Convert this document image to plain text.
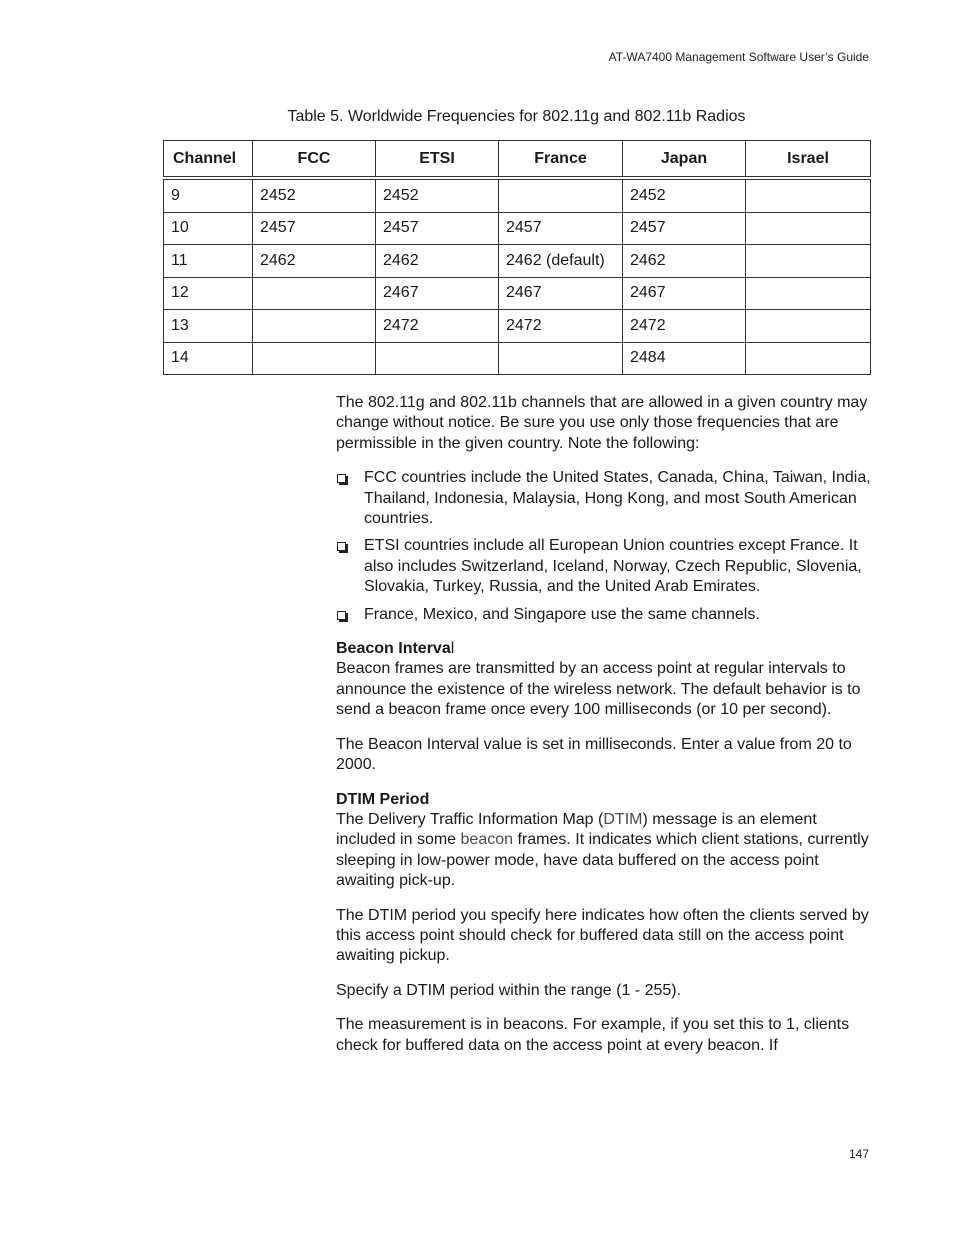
AT-WA7400 Management Software User’s Guide
Table 5. Worldwide Frequencies for 802.11g and 802.11b Radios
Channel	FCC	ETSI	France	Japan	Israel
9	2452	2452		2452	
10	2457	2457	2457	2457	
11	2462	2462	2462 (default)	2462	
12		2467	2467	2467	
13		2472	2472	2472	
14				2484	

The 802.11g and 802.11b channels that are allowed in a given country may change without notice. Be sure you use only those frequencies that are permissible in the given country. Note the following:

FCC countries include the United States, Canada, China, Taiwan, India, Thailand, Indonesia, Malaysia, Hong Kong, and most South American countries.
ETSI countries include all European Union countries except France. It also includes Switzerland, Iceland, Norway, Czech Republic, Slovenia, Slovakia, Turkey, Russia, and the United Arab Emirates.
France, Mexico, and Singapore use the same channels.

Beacon Interval
Beacon frames are transmitted by an access point at regular intervals to announce the existence of the wireless network. The default behavior is to send a beacon frame once every 100 milliseconds (or 10 per second).

The Beacon Interval value is set in milliseconds. Enter a value from 20 to 2000.

DTIM Period
The Delivery Traffic Information Map (DTIM) message is an element included in some beacon frames. It indicates which client stations, currently sleeping in low-power mode, have data buffered on the access point awaiting pick-up.

The DTIM period you specify here indicates how often the clients served by this access point should check for buffered data still on the access point awaiting pickup.

Specify a DTIM period within the range (1 - 255).

The measurement is in beacons. For example, if you set this to 1, clients check for buffered data on the access point at every beacon. If

147
